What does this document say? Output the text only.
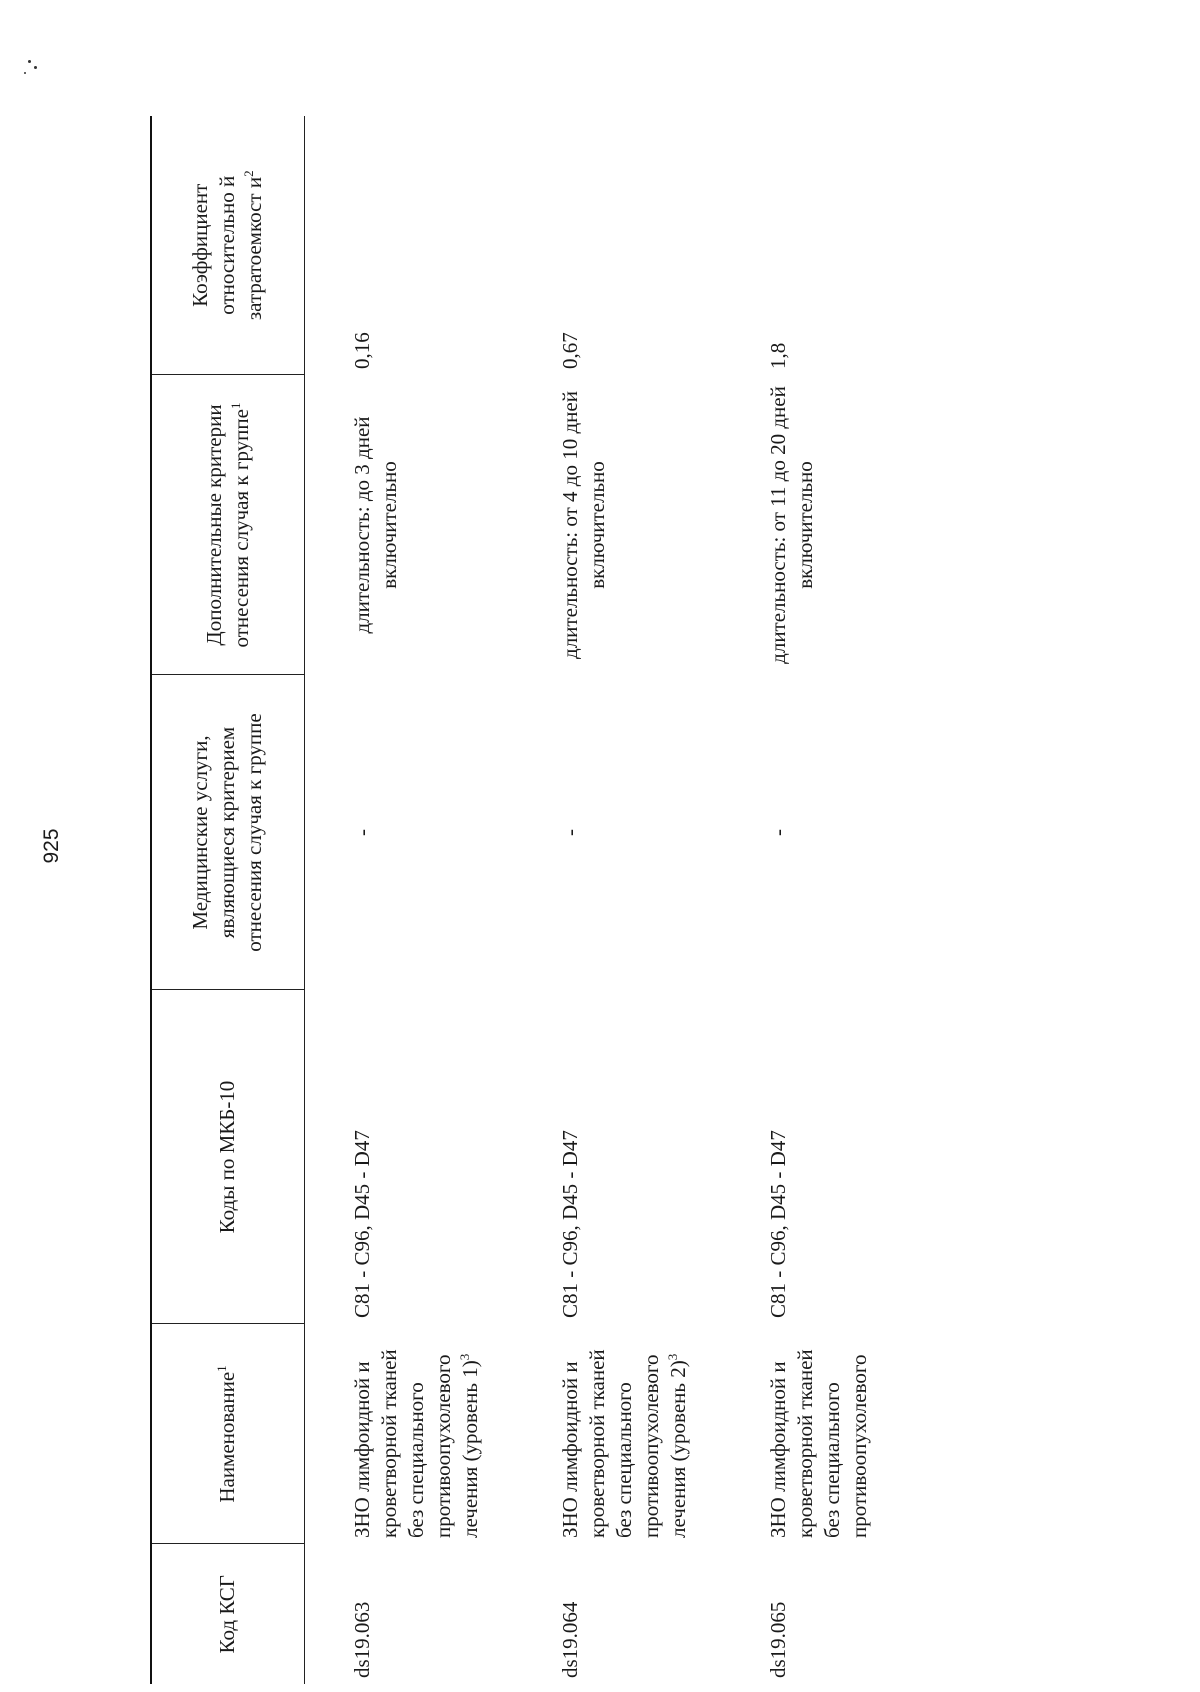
925
Код КСГ	Наименование$^1$	Коды по МКБ-10	Медицинские услуги, являющиеся критерием отнесения случая к группе	Дополнительные критерии отнесения случая к группе$^1$	Коэффициент относительно й затратоемкост $и^2$

ds19.063	ЗНО лимфоидной и кроветворной тканей без специального противоопухолевого лечения (уровень 1)$^3$	C81 - C96, D45 - D47	-	длительность: до 3 дней включительно	0,16
ds19.064	ЗНО лимфоидной и кроветворной тканей без специального противоопухолевого лечения (уровень 2)$^3$	C81 - C96, D45 - D47	-	длительность: от 4 до 10 дней включительно	0,67
ds19.065	ЗНО лимфоидной и кроветворной тканей без специального противоопухолевого	C81 - C96, D45 - D47	-	длительность: от 11 до 20 дней включительно	1,8
